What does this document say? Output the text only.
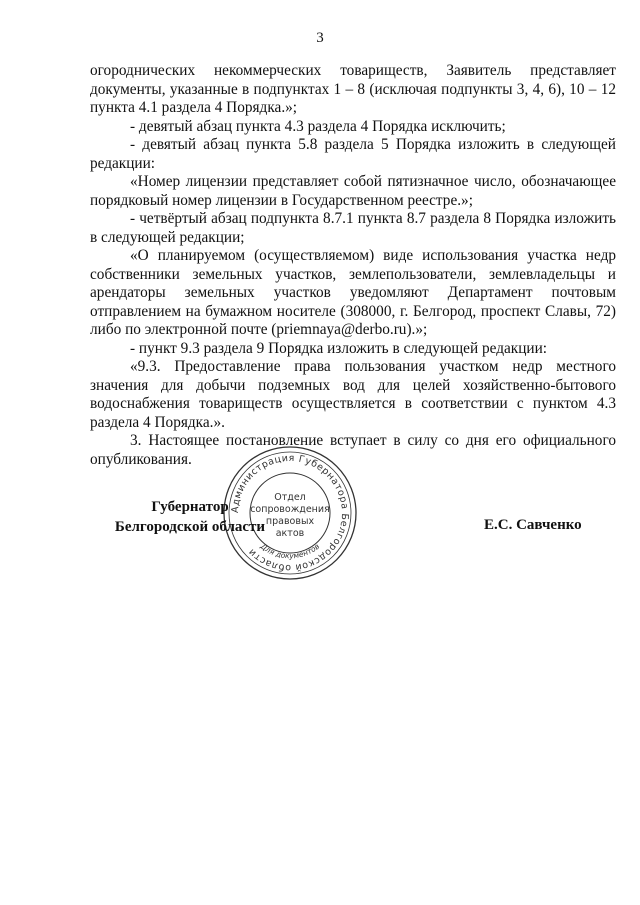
3

огороднических некоммерческих товариществ, Заявитель представляет документы, указанные в подпунктах 1 – 8 (исключая подпункты 3, 4, 6), 10 – 12 пункта 4.1 раздела 4 Порядка.»;

- девятый абзац пункта 4.3 раздела 4 Порядка исключить;

- девятый абзац пункта 5.8 раздела 5 Порядка изложить в следующей редакции:

«Номер лицензии представляет собой пятизначное число, обозначающее порядковый номер лицензии в Государственном реестре.»;

- четвёртый абзац подпункта 8.7.1 пункта 8.7 раздела 8 Порядка изложить в следующей редакции;

«О планируемом (осуществляемом) виде использования участка недр собственники земельных участков, землепользователи, землевладельцы и арендаторы земельных участков уведомляют Департамент почтовым отправлением на бумажном носителе (308000, г. Белгород, проспект Славы, 72) либо по электронной почте (priemnaya@derbo.ru).»;

- пункт 9.3 раздела 9 Порядка изложить в следующей редакции:

«9.3. Предоставление права пользования участком недр местного значения для добычи подземных вод для целей хозяйственно-бытового водоснабжения товариществ осуществляется в соответствии с пунктом 4.3 раздела 4 Порядка.».

3. Настоящее постановление вступает в силу со дня его официального опубликования.

Администрация Губернатора Белгородской области
Отдел
сопровождения
правовых
актов
Для документов
Губернатор
Белгородской области	Е.С. Савченко
